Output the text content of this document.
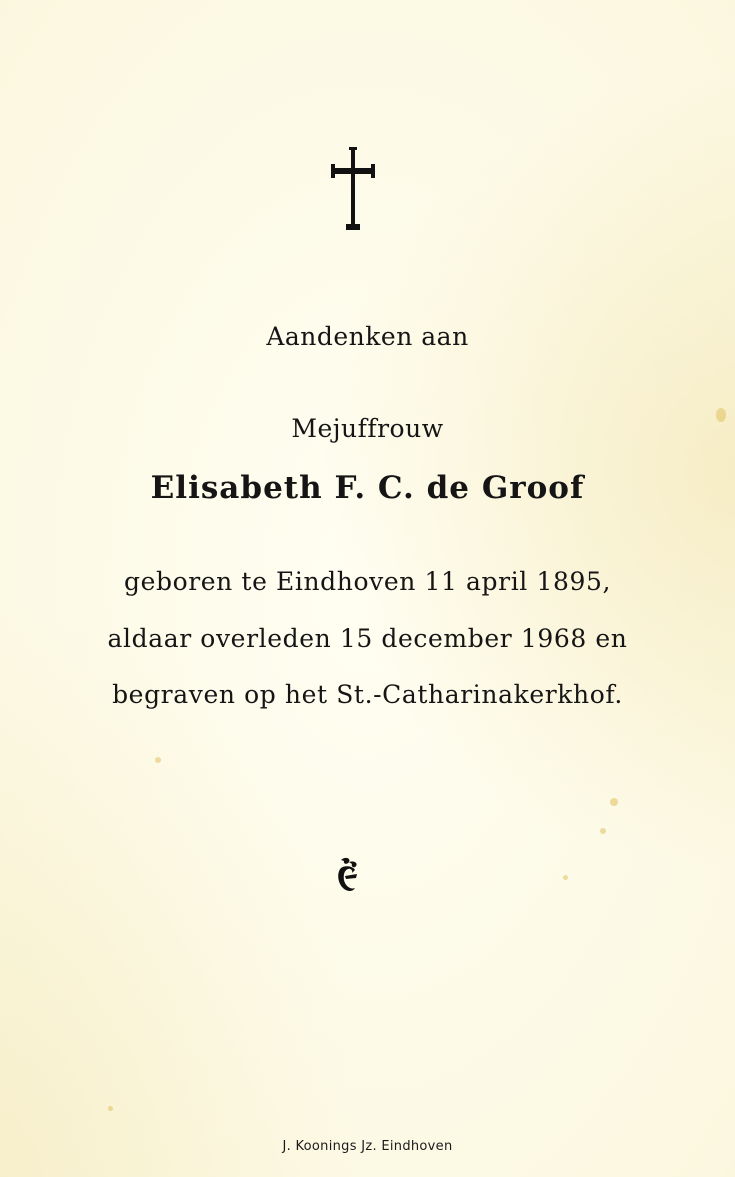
Aandenken aan
Mejuffrouw
Elisabeth F. C. de Groof
geboren te Eindhoven 11 april 1895,
aldaar overleden 15 december 1968 en
begraven op het St.-Catharinakerkhof.
J. Koonings Jz. Eindhoven
